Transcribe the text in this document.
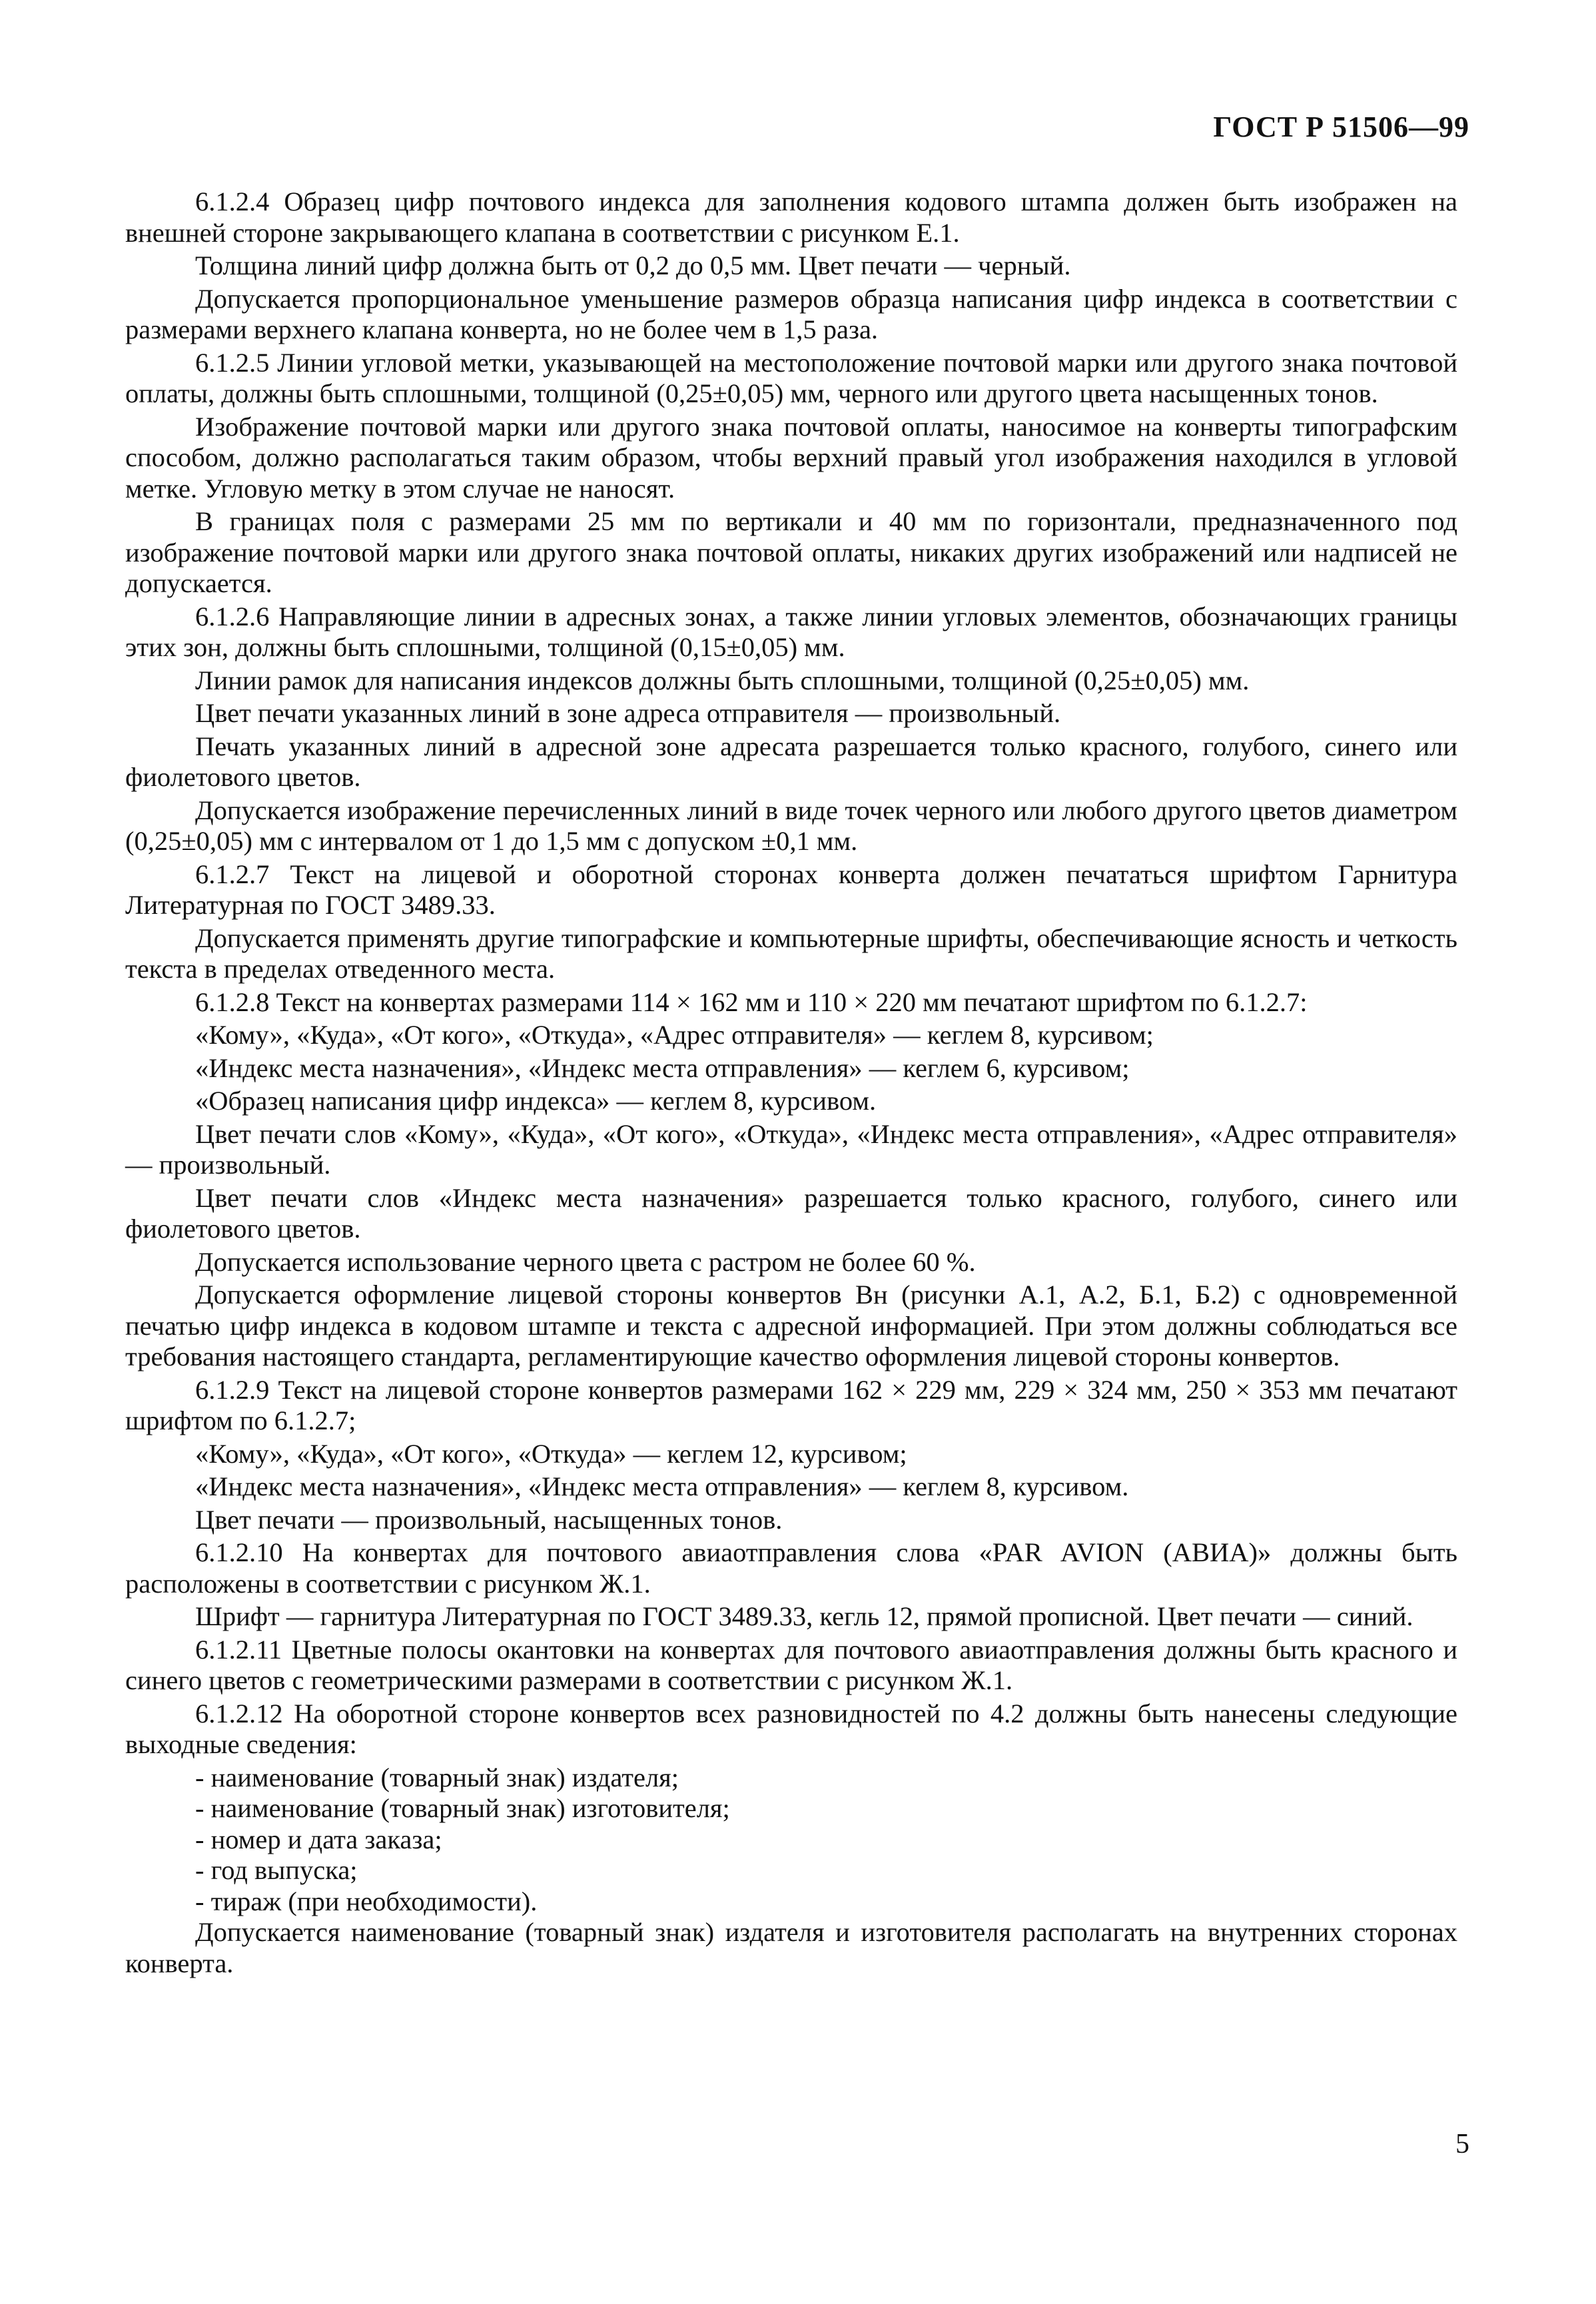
ГОСТ Р 51506—99

6.1.2.4 Образец цифр почтового индекса для заполнения кодового штампа должен быть изображен на внешней стороне закрывающего клапана в соответствии с рисунком Е.1.

Толщина линий цифр должна быть от 0,2 до 0,5 мм. Цвет печати — черный.

Допускается пропорциональное уменьшение размеров образца написания цифр индекса в соответствии с размерами верхнего клапана конверта, но не более чем в 1,5 раза.

6.1.2.5 Линии угловой метки, указывающей на местоположение почтовой марки или другого знака почтовой оплаты, должны быть сплошными, толщиной (0,25±0,05) мм, черного или другого цвета насыщенных тонов.

Изображение почтовой марки или другого знака почтовой оплаты, наносимое на конверты типографским способом, должно располагаться таким образом, чтобы верхний правый угол изображения находился в угловой метке. Угловую метку в этом случае не наносят.

В границах поля с размерами 25 мм по вертикали и 40 мм по горизонтали, предназначенного под изображение почтовой марки или другого знака почтовой оплаты, никаких других изображений или надписей не допускается.

6.1.2.6 Направляющие линии в адресных зонах, а также линии угловых элементов, обозначающих границы этих зон, должны быть сплошными, толщиной (0,15±0,05) мм.

Линии рамок для написания индексов должны быть сплошными, толщиной (0,25±0,05) мм.

Цвет печати указанных линий в зоне адреса отправителя — произвольный.

Печать указанных линий в адресной зоне адресата разрешается только красного, голубого, синего или фиолетового цветов.

Допускается изображение перечисленных линий в виде точек черного или любого другого цветов диаметром (0,25±0,05) мм с интервалом от 1 до 1,5 мм с допуском ±0,1 мм.

6.1.2.7 Текст на лицевой и оборотной сторонах конверта должен печататься шрифтом Гарнитура Литературная по ГОСТ 3489.33.

Допускается применять другие типографские и компьютерные шрифты, обеспечивающие ясность и четкость текста в пределах отведенного места.

6.1.2.8 Текст на конвертах размерами 114 × 162 мм и 110 × 220 мм печатают шрифтом по 6.1.2.7:

«Кому», «Куда», «От кого», «Откуда», «Адрес отправителя» — кеглем 8, курсивом;

«Индекс места назначения», «Индекс места отправления» — кеглем 6, курсивом;

«Образец написания цифр индекса» — кеглем 8, курсивом.

Цвет печати слов «Кому», «Куда», «От кого», «Откуда», «Индекс места отправления», «Адрес отправителя» — произвольный.

Цвет печати слов «Индекс места назначения» разрешается только красного, голубого, синего или фиолетового цветов.

Допускается использование черного цвета с растром не более 60 %.

Допускается оформление лицевой стороны конвертов Вн (рисунки А.1, А.2, Б.1, Б.2) с одновременной печатью цифр индекса в кодовом штампе и текста с адресной информацией. При этом должны соблюдаться все требования настоящего стандарта, регламентирующие качество оформления лицевой стороны конвертов.

6.1.2.9 Текст на лицевой стороне конвертов размерами 162 × 229 мм, 229 × 324 мм, 250 × 353 мм печатают шрифтом по 6.1.2.7;

«Кому», «Куда», «От кого», «Откуда» — кеглем 12, курсивом;

«Индекс места назначения», «Индекс места отправления» — кеглем 8, курсивом.

Цвет печати — произвольный, насыщенных тонов.

6.1.2.10 На конвертах для почтового авиаотправления слова «PAR AVION (АВИА)» должны быть расположены в соответствии с рисунком Ж.1.

Шрифт — гарнитура Литературная по ГОСТ 3489.33, кегль 12, прямой прописной. Цвет печати — синий.

6.1.2.11 Цветные полосы окантовки на конвертах для почтового авиаотправления должны быть красного и синего цветов с геометрическими размерами в соответствии с рисунком Ж.1.

6.1.2.12 На оборотной стороне конвертов всех разновидностей по 4.2 должны быть нанесены следующие выходные сведения:

- наименование (товарный знак) издателя;

- наименование (товарный знак) изготовителя;

- номер и дата заказа;

- год выпуска;

- тираж (при необходимости).

Допускается наименование (товарный знак) издателя и изготовителя располагать на внутренних сторонах конверта.

5
